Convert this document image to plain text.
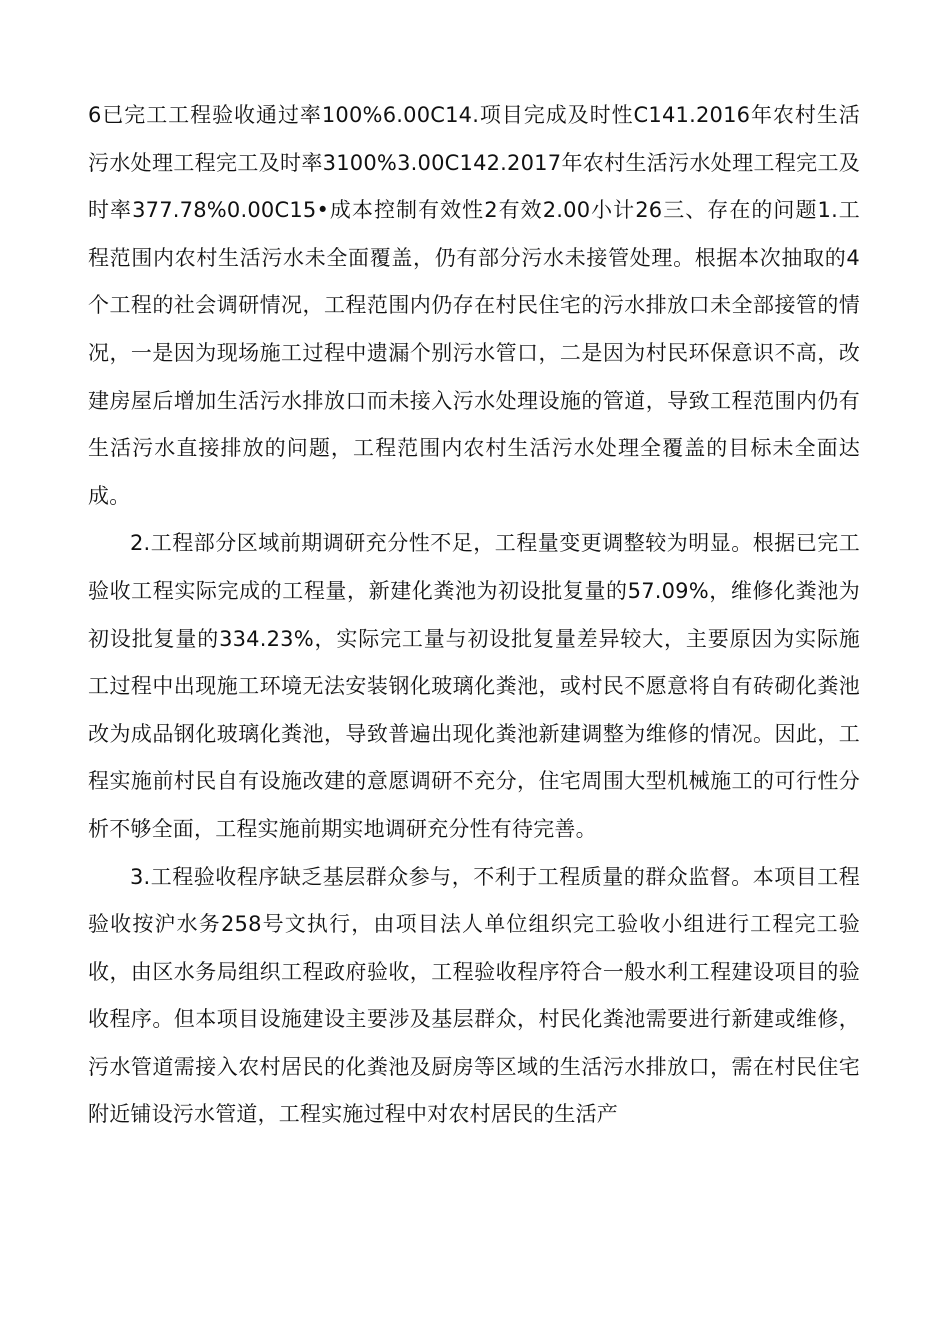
6已完工工程验收通过率100%6.00C14.项目完成及时性C141.2016年农村生活污水处理工程完工及时率3100%3.00C142.2017年农村生活污水处理工程完工及时率377.78%0.00C15•成本控制有效性2有效2.00小计26三、存在的问题1.工程范围内农村生活污水未全面覆盖，仍有部分污水未接管处理。根据本次抽取的4个工程的社会调研情况，工程范围内仍存在村民住宅的污水排放口未全部接管的情况，一是因为现场施工过程中遗漏个别污水管口，二是因为村民环保意识不高，改建房屋后增加生活污水排放口而未接入污水处理设施的管道，导致工程范围内仍有生活污水直接排放的问题，工程范围内农村生活污水处理全覆盖的目标未全面达成。

2.工程部分区域前期调研充分性不足，工程量变更调整较为明显。根据已完工验收工程实际完成的工程量，新建化粪池为初设批复量的57.09%，维修化粪池为初设批复量的334.23%，实际完工量与初设批复量差异较大，主要原因为实际施工过程中出现施工环境无法安装钢化玻璃化粪池，或村民不愿意将自有砖砌化粪池改为成品钢化玻璃化粪池，导致普遍出现化粪池新建调整为维修的情况。因此，工程实施前村民自有设施改建的意愿调研不充分，住宅周围大型机械施工的可行性分析不够全面，工程实施前期实地调研充分性有待完善。

3.工程验收程序缺乏基层群众参与，不利于工程质量的群众监督。本项目工程验收按沪水务258号文执行，由项目法人单位组织完工验收小组进行工程完工验收，由区水务局组织工程政府验收，工程验收程序符合一般水利工程建设项目的验收程序。但本项目设施建设主要涉及基层群众，村民化粪池需要进行新建或维修，污水管道需接入农村居民的化粪池及厨房等区域的生活污水排放口，需在村民住宅附近铺设污水管道，工程实施过程中对农村居民的生活产
